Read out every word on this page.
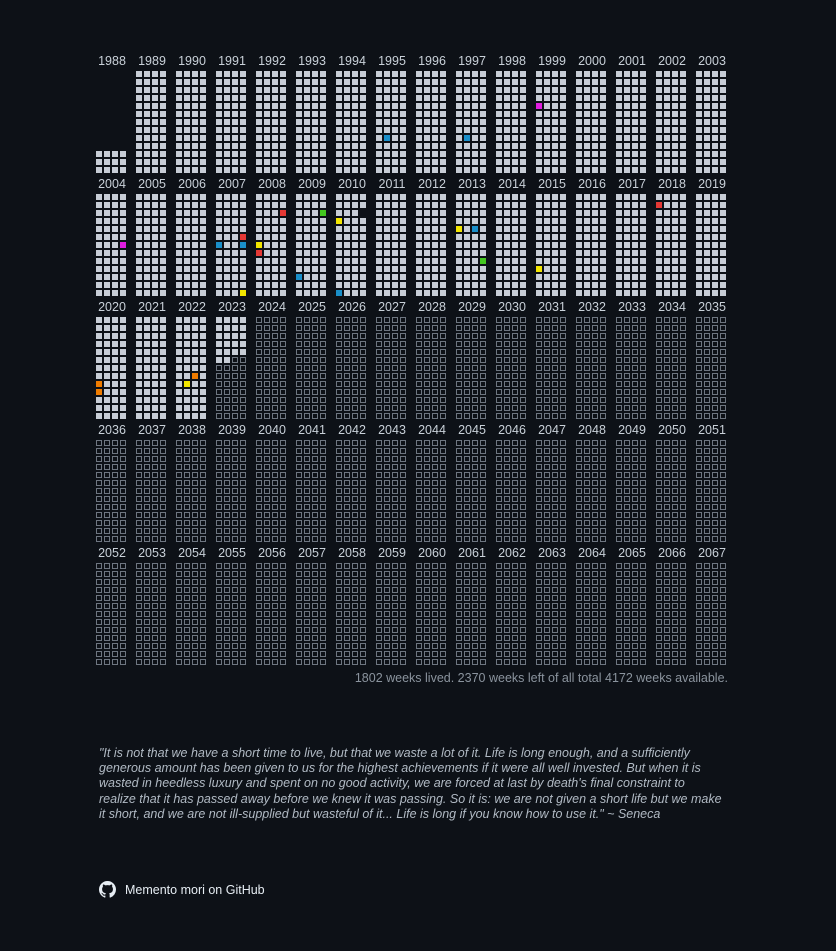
1988 1989 1990 1991 1992 1993 1994 1995 1996 1997 1998 1999 2000 2001 2002 2003
2004 2005 2006 2007 2008 2009 2010	2011	2012 2013 2014 2015 2016 2017 2018 2019
2020 2021 2022 2023 2024 2025 2026 2027 2028 2029 2030 2031 2032 2033 2034 2035
2036 2037 2038 2039 2040 2041 2042 2043 2044 2045 2046 2047 2048 2049 2050 2051
2052 2053 2054 2055 2056 2057 2058 2059 2060 2061 2062 2063 2064 2065 2066 2067
1802 weeks lived. 2370 weeks left of all total 4172 weeks available.

"It is not that we have a short time to live, but that we waste a lot of it. Life is long enough, and a sufficiently generous amount has been given to us for the highest achievements if it were all well invested. But when it is wasted in heedless luxury and spent on no good activity, we are forced at last by death's final constraint to realize that it has passed away before we knew it was passing. So it is: we are not given a short life but we make it short, and we are not ill-supplied but wasteful of it... Life is long if you know how to use it." ~ Seneca

Memento mori on GitHub
